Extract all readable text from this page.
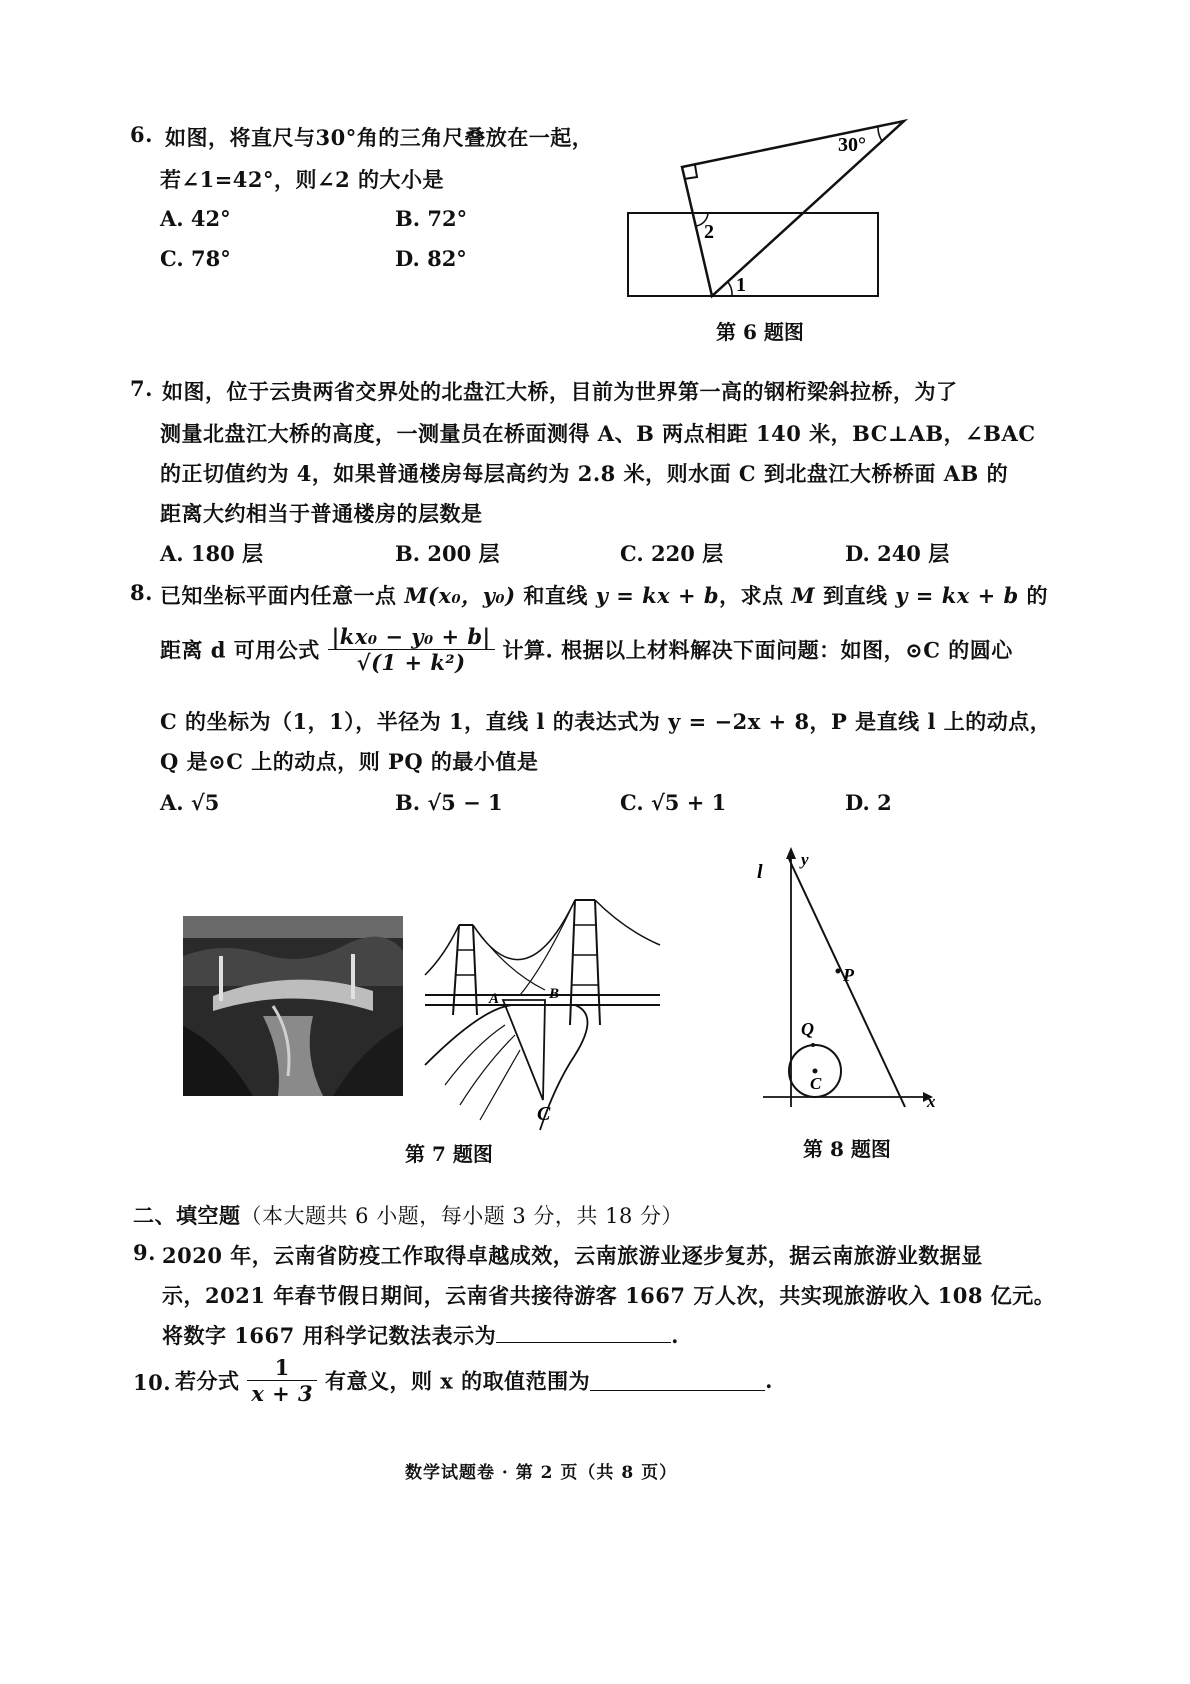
6. 如图，将直尺与30°角的三角尺叠放在一起，
若∠1=42°，则∠2 的大小是
A. 42°	B. 72°
C. 78°	D. 82°
30°
1
2
第 6 题图
7. 如图，位于云贵两省交界处的北盘江大桥，目前为世界第一高的钢桁梁斜拉桥，为了
测量北盘江大桥的高度，一测量员在桥面测得 A、B 两点相距 140 米，BC⊥AB，∠BAC
的正切值约为 4，如果普通楼房每层高约为 2.8 米，则水面 C 到北盘江大桥桥面 AB 的
距离大约相当于普通楼房的层数是
A. 180 层	B. 200 层	C. 220 层	D. 240 层
8. 已知坐标平面内任意一点 M(x₀，y₀) 和直线 y = kx + b，求点 M 到直线 y = kx + b 的
距离 d 可用公式 $\frac{\text{|kx₀ − y₀ + b|}}{\text{√(1 + k²)}}$ 计算. 根据以上材料解决下面问题：如图，⊙C 的圆心
C 的坐标为（1，1），半径为 1，直线 l 的表达式为 y = −2x + 8，P 是直线 l 上的动点，
Q 是⊙C 上的动点，则 PQ 的最小值是
A. √5	B. √5 − 1	C. √5 + 1	D. 2
A	B
C
第 7 题图
l
y
x
P
Q
C
第 8 题图
二、填空题（本大题共 6 小题，每小题 3 分，共 18 分）
9. 2020 年，云南省防疫工作取得卓越成效，云南旅游业逐步复苏，据云南旅游业数据显
示，2021 年春节假日期间，云南省共接待游客 1667 万人次，共实现旅游收入 108 亿元。
将数字 1667 用科学记数法表示为	.
10. 若分式 $\frac{1}{x + 3}$ 有意义，则 x 的取值范围为	.
数学试题卷 · 第 2 页（共 8 页）
